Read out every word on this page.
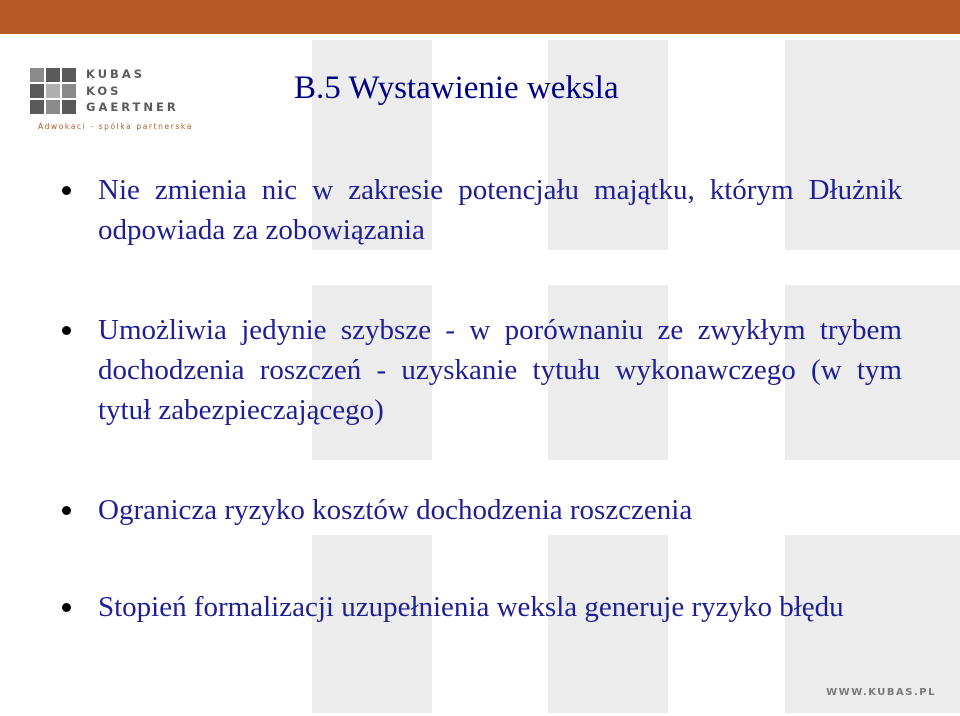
KUBAS
KOS
GAERTNER
Adwokaci - spółka partnerska
B.5 Wystawienie weksla
Nie zmienia nic w zakresie potencjału majątku, którym Dłużnik odpowiada za zobowiązania
Umożliwia jedynie szybsze - w porównaniu ze zwykłym trybem dochodzenia roszczeń - uzyskanie tytułu wykonawczego (w tym tytuł zabezpieczającego)
Ogranicza ryzyko kosztów dochodzenia roszczenia
Stopień formalizacji uzupełnienia weksla generuje ryzyko błędu
WWW.KUBAS.PL
